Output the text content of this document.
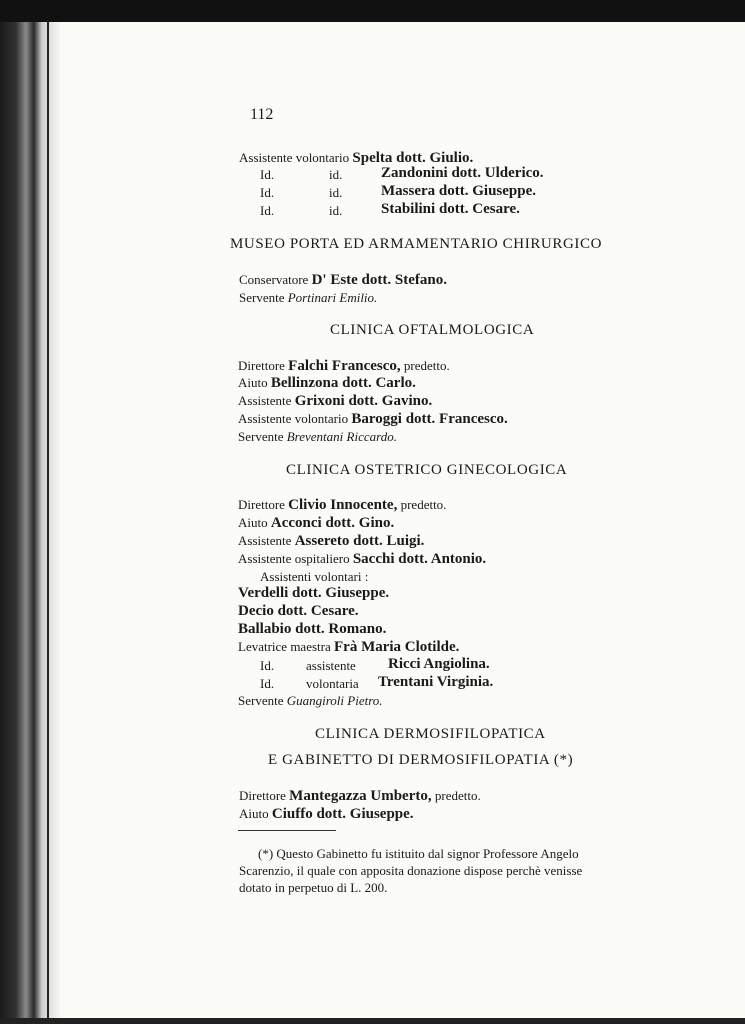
112
Assistente volontario Spelta dott. Giulio.
Id.	id.	Zandonini dott. Ulderico.
Id.	id.	Massera dott. Giuseppe.
Id.	id.	Stabilini dott. Cesare.
MUSEO PORTA ED ARMAMENTARIO CHIRURGICO
Conservatore D' Este dott. Stefano.
Servente Portinari Emilio.
CLINICA OFTALMOLOGICA
Direttore Falchi Francesco, predetto.
Aiuto Bellinzona dott. Carlo.
Assistente Grixoni dott. Gavino.
Assistente volontario Baroggi dott. Francesco.
Servente Breventani Riccardo.
CLINICA OSTETRICO GINECOLOGICA
Direttore Clivio Innocente, predetto.
Aiuto Acconci dott. Gino.
Assistente Assereto dott. Luigi.
Assistente ospitaliero Sacchi dott. Antonio.
Assistenti volontari :
Verdelli dott. Giuseppe.
Decio dott. Cesare.
Ballabio dott. Romano.
Levatrice maestra Frà Maria Clotilde.
Id. assistente Ricci Angiolina.
Id. volontaria Trentani Virginia.
Servente Guangiroli Pietro.
CLINICA DERMOSIFILOPATICA
E GABINETTO DI DERMOSIFILOPATIA (*)
Direttore Mantegazza Umberto, predetto.
Aiuto Ciuffo dott. Giuseppe.
(*) Questo Gabinetto fu istituito dal signor Professore Angelo
Scarenzio, il quale con apposita donazione dispose perchè venisse
dotato in perpetuo di L. 200.
